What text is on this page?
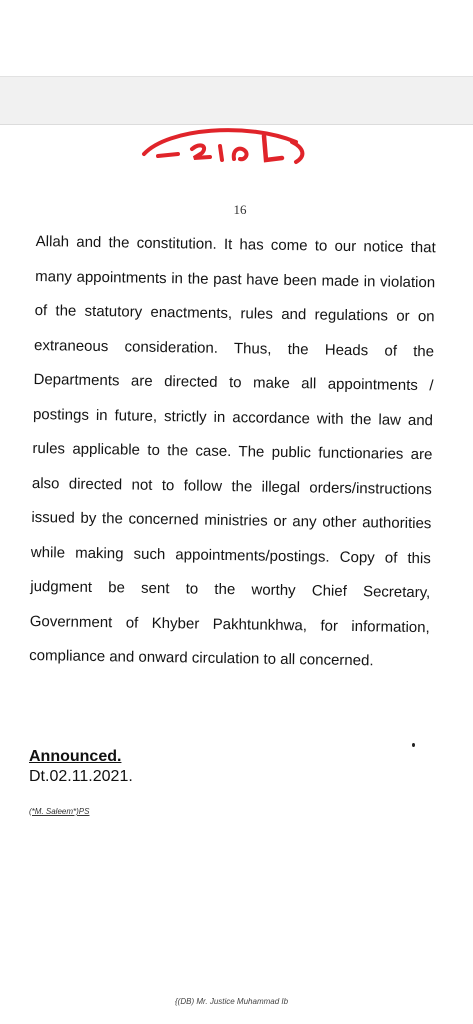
16
Allah and the constitution. It has come to our notice that many appointments in the past have been made in violation of the statutory enactments, rules and regulations or on extraneous consideration. Thus, the Heads of the Departments are directed to make all appointments / postings in future, strictly in accordance with the law and rules applicable to the case. The public functionaries are also directed not to follow the illegal orders/instructions issued by the concerned ministries or any other authorities while making such appointments/postings. Copy of this judgment be sent to the worthy Chief Secretary, Government of Khyber Pakhtunkhwa, for information, compliance and onward circulation to all concerned.
Announced.
Dt.02.11.2021.
(*M. Saleem*)PS
{(DB) Mr. Justice Muhammad Ib
